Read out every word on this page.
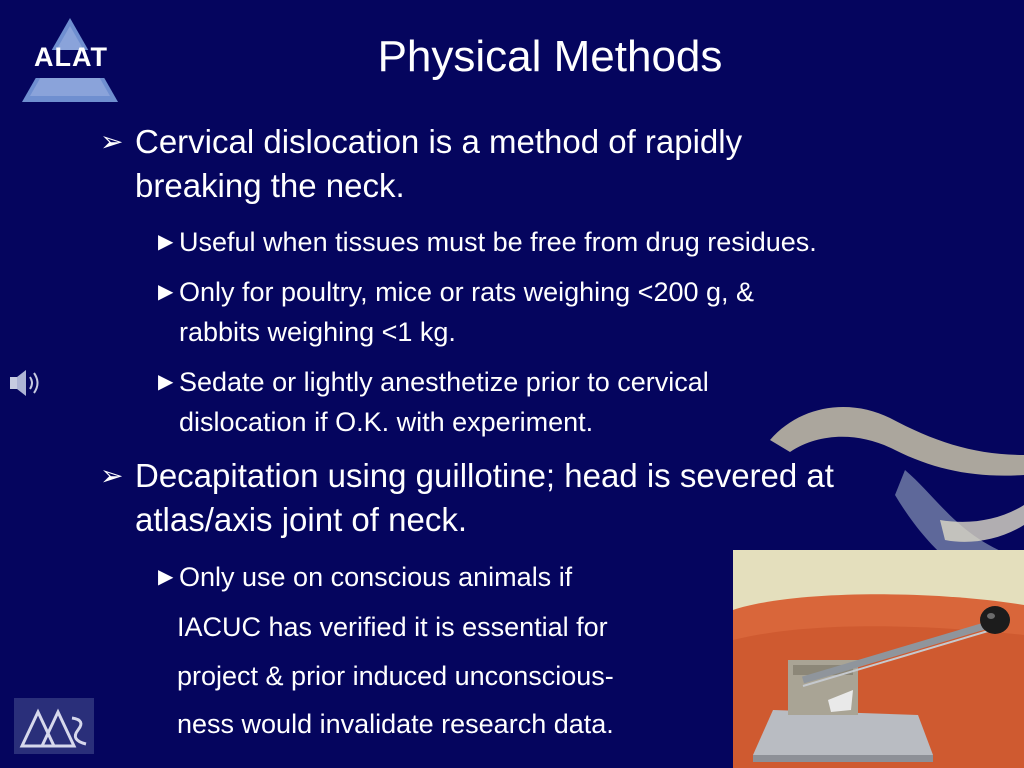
ALAT	Physical Methods
➢ Cervical dislocation is a method of rapidly
breaking the neck.
▶ Useful when tissues must be free from drug residues.
▶ Only for poultry, mice or rats weighing <200 g, &
rabbits weighing <1 kg.
▶ Sedate or lightly anesthetize prior to cervical
dislocation if O.K. with experiment.
➢ Decapitation using guillotine; head is severed at
atlas/axis joint of neck.
▶ Only use on conscious animals if
IACUC has verified it is essential for
project & prior induced unconscious-
ness would invalidate research data.
